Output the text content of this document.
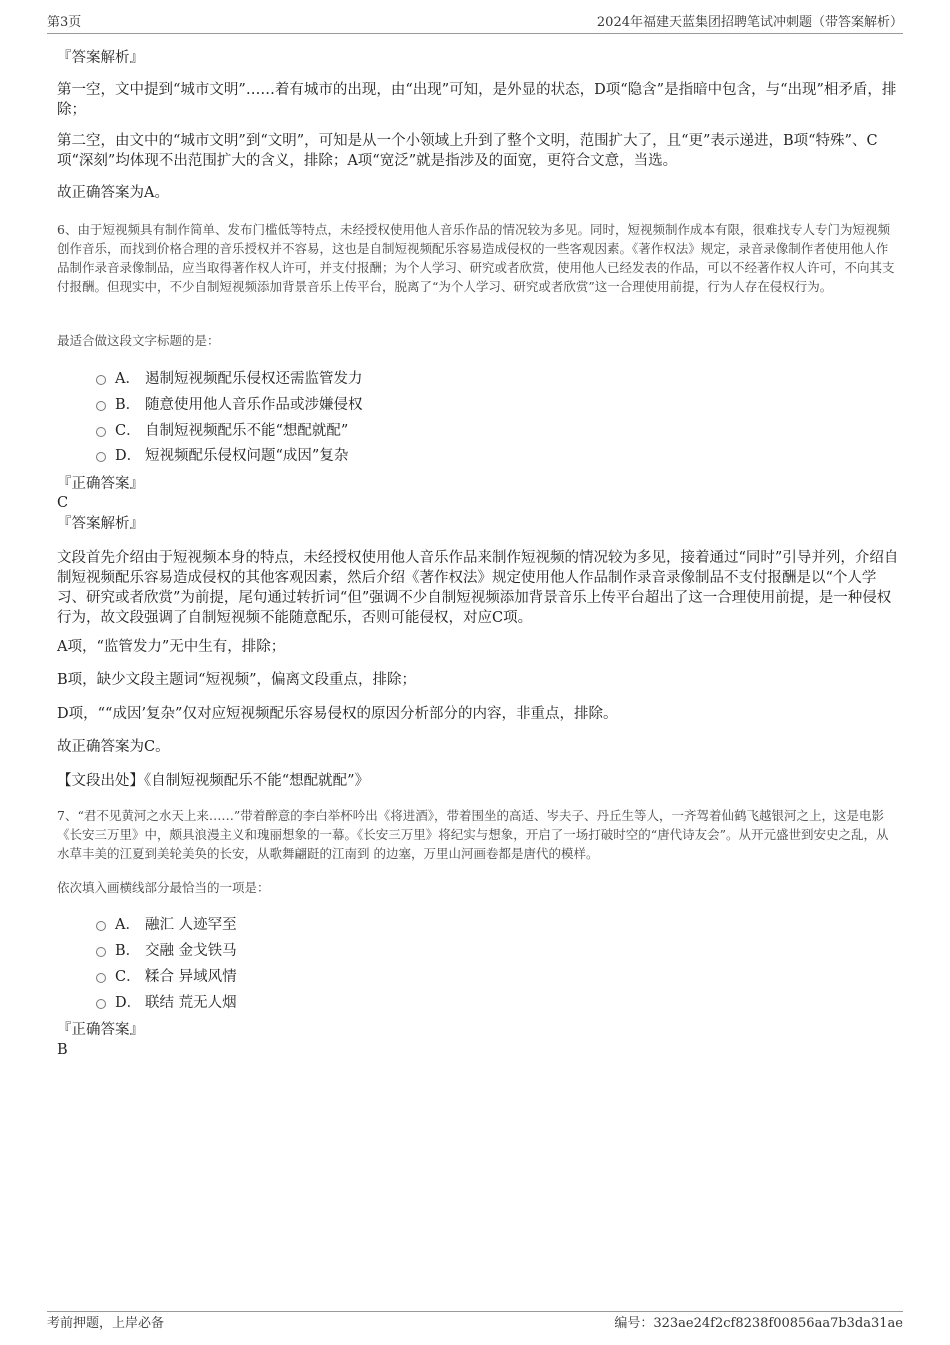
第3页	2024年福建天蓝集团招聘笔试冲刺题（带答案解析）
『答案解析』
第一空，文中提到“城市文明”……着有城市的出现，由“出现”可知，是外显的状态，D项“隐含”是指暗中包含，与“出现”相矛盾，排除；
第二空，由文中的“城市文明”到“文明”，可知是从一个小领域上升到了整个文明，范围扩大了，且“更”表示递进，B项“特殊”、C项“深刻”均体现不出范围扩大的含义，排除；A项“宽泛”就是指涉及的面宽，更符合文意，当选。
故正确答案为A。
6、由于短视频具有制作简单、发布门槛低等特点，未经授权使用他人音乐作品的情况较为多见。同时，短视频制作成本有限，很难找专人专门为短视频创作音乐，而找到价格合理的音乐授权并不容易，这也是自制短视频配乐容易造成侵权的一些客观因素。《著作权法》规定，录音录像制作者使用他人作品制作录音录像制品，应当取得著作权人许可，并支付报酬；为个人学习、研究或者欣赏，使用他人已经发表的作品，可以不经著作权人许可，不向其支付报酬。但现实中，不少自制短视频添加背景音乐上传平台，脱离了“为个人学习、研究或者欣赏”这一合理使用前提，行为人存在侵权行为。
最适合做这段文字标题的是：
A． 遏制短视频配乐侵权还需监管发力
B． 随意使用他人音乐作品或涉嫌侵权
C． 自制短视频配乐不能“想配就配”
D． 短视频配乐侵权问题“成因”复杂
『正确答案』
C
『答案解析』
文段首先介绍由于短视频本身的特点，未经授权使用他人音乐作品来制作短视频的情况较为多见，接着通过“同时”引导并列，介绍自制短视频配乐容易造成侵权的其他客观因素，然后介绍《著作权法》规定使用他人作品制作录音录像制品不支付报酬是以“个人学习、研究或者欣赏”为前提，尾句通过转折词“但”强调不少自制短视频添加背景音乐上传平台超出了这一合理使用前提，是一种侵权行为，故文段强调了自制短视频不能随意配乐，否则可能侵权，对应C项。
A项，“监管发力”无中生有，排除；
B项，缺少文段主题词“短视频”，偏离文段重点，排除；
D项，““成因’复杂”仅对应短视频配乐容易侵权的原因分析部分的内容，非重点，排除。
故正确答案为C。
【文段出处】《自制短视频配乐不能“想配就配”》
7、“君不见黄河之水天上来……”带着醉意的李白举杯吟出《将进酒》，带着围坐的高适、岑夫子、丹丘生等人，一齐驾着仙鹤飞越银河之上，这是电影《长安三万里》中，颇具浪漫主义和瑰丽想象的一幕。《长安三万里》将纪实与想象，开启了一场打破时空的“唐代诗友会”。从开元盛世到安史之乱，从水草丰美的江夏到美轮美奂的长安，从歌舞翩跹的江南到 的边塞，万里山河画卷都是唐代的模样。
依次填入画横线部分最恰当的一项是：
A． 融汇 人迹罕至
B． 交融 金戈铁马
C． 糅合 异域风情
D． 联结 荒无人烟
『正确答案』
B
考前押题，上岸必备	编号：323ae24f2cf8238f00856aa7b3da31ae
